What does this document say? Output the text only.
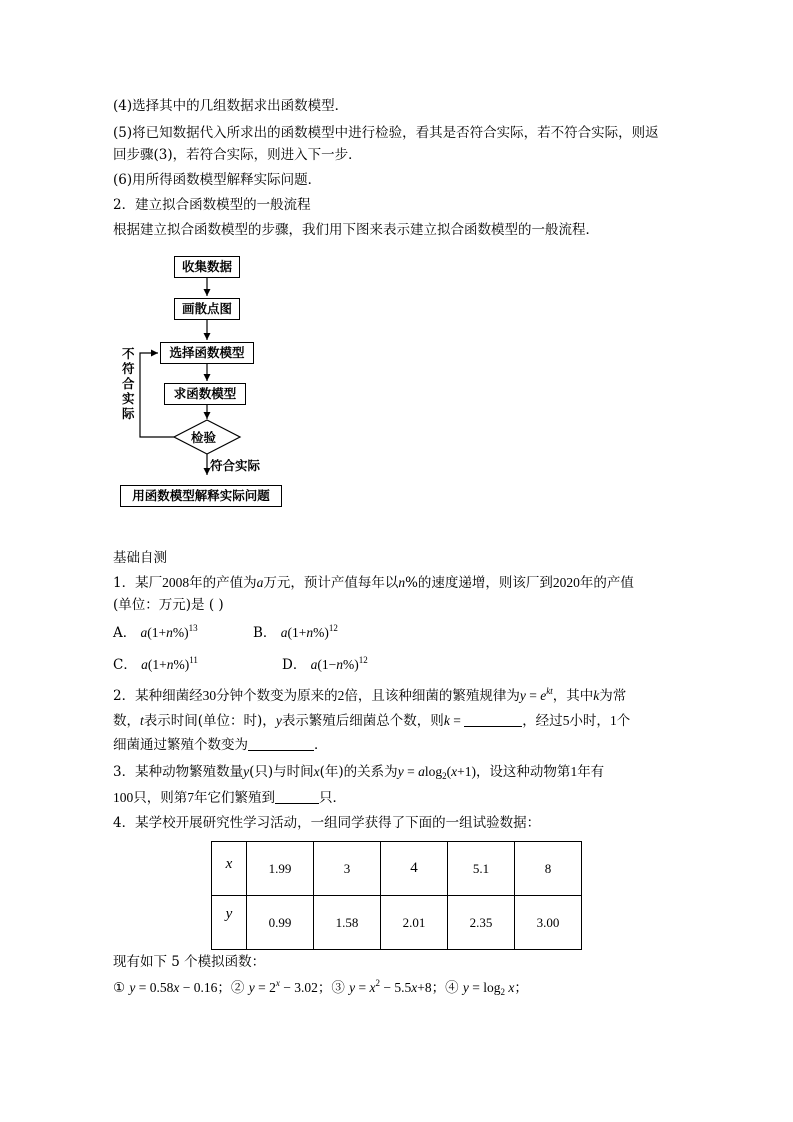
(4)选择其中的几组数据求出函数模型．
(5)将已知数据代入所求出的函数模型中进行检验，看其是否符合实际，若不符合实际，则返
回步骤(3)，若符合实际，则进入下一步．
(6)用所得函数模型解释实际问题．
2．建立拟合函数模型的一般流程
根据建立拟合函数模型的步骤，我们用下图来表示建立拟合函数模型的一般流程．
收集数据
画散点图
选择函数模型
求函数模型
检验
符合实际
用函数模型解释实际问题
不
符
合
实
际
基础自测
1．某厂2008年的产值为a万元，预计产值每年以n%的速度递增，则该厂到2020年的产值
(单位：万元)是 ( )
A． $a(1+n\%)^{13}$	B． $a(1+n\%)^{12}$
C． $a(1+n\%)^{11}$	D． $a(1-n\%)^{12}$
2．某种细菌经30分钟个数变为原来的2倍，且该种细菌的繁殖规律为$y = e^{kt}$，其中k为常
数，t表示时间(单位：时)，y表示繁殖后细菌总个数，则k =	，经过5小时，1个
细菌通过繁殖个数变为	．
3．某种动物繁殖数量y(只)与时间x(年)的关系为y = alog$_2$(x+1)，设这种动物第1年有
100只，则第7年它们繁殖到	只．
4．某学校开展研究性学习活动，一组同学获得了下面的一组试验数据：
x	1.99	3	4	5.1	8
y	0.99	1.58	2.01	2.35	3.00
现有如下 5 个模拟函数：
① y = 0.58x − 0.16；② $y = 2^x - 3.02$；③ $y = x^2 - 5.5x+8$；④ $y = \log_2 x$；
